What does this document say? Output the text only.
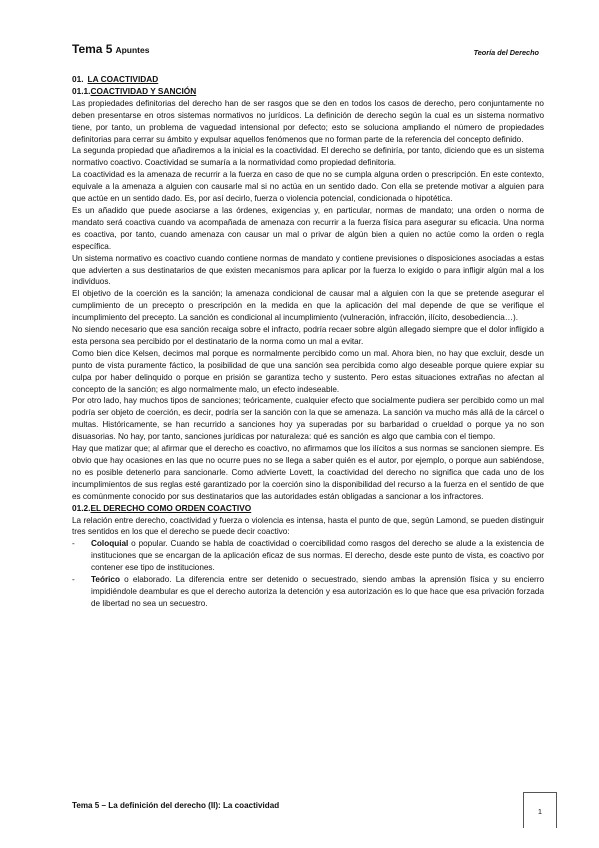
Tema 5 Apuntes	Teoría del Derecho
01. LA COACTIVIDAD
01.1.COACTIVIDAD Y SANCIÓN

Las propiedades definitorias del derecho han de ser rasgos que se den en todos los casos de derecho, pero conjuntamente no deben presentarse en otros sistemas normativos no jurídicos. La definición de derecho según la cual es un sistema normativo tiene, por tanto, un problema de vaguedad intensional por defecto; esto se soluciona ampliando el número de propiedades definitorias para cerrar su ámbito y expulsar aquellos fenómenos que no forman parte de la referencia del concepto definido.

La segunda propiedad que añadiremos a la inicial es la coactividad. El derecho se definiría, por tanto, diciendo que es un sistema normativo coactivo. Coactividad se sumaría a la normatividad como propiedad definitoria.

La coactividad es la amenaza de recurrir a la fuerza en caso de que no se cumpla alguna orden o prescripción. En este contexto, equivale a la amenaza a alguien con causarle mal si no actúa en un sentido dado. Con ella se pretende motivar a alguien para que actúe en un sentido dado. Es, por así decirlo, fuerza o violencia potencial, condicionada o hipotética.

Es un añadido que puede asociarse a las órdenes, exigencias y, en particular, normas de mandato; una orden o norma de mandato será coactiva cuando va acompañada de amenaza con recurrir a la fuerza física para asegurar su eficacia. Una norma es coactiva, por tanto, cuando amenaza con causar un mal o privar de algún bien a quien no actúe como la orden o regla específica.

Un sistema normativo es coactivo cuando contiene normas de mandato y contiene previsiones o disposiciones asociadas a estas que advierten a sus destinatarios de que existen mecanismos para aplicar por la fuerza lo exigido o para infligir algún mal a los individuos.

El objetivo de la coerción es la sanción; la amenaza condicional de causar mal a alguien con la que se pretende asegurar el cumplimiento de un precepto o prescripción en la medida en que la aplicación del mal depende de que se verifique el incumplimiento del precepto. La sanción es condicional al incumplimiento (vulneración, infracción, ilícito, desobediencia…).

No siendo necesario que esa sanción recaiga sobre el infracto, podría recaer sobre algún allegado siempre que el dolor infligido a esta persona sea percibido por el destinatario de la norma como un mal a evitar.

Como bien dice Kelsen, decimos mal porque es normalmente percibido como un mal. Ahora bien, no hay que excluir, desde un punto de vista puramente fáctico, la posibilidad de que una sanción sea percibida como algo deseable porque quiere expiar su culpa por haber delinquido o porque en prisión se garantiza techo y sustento. Pero estas situaciones extrañas no afectan al concepto de la sanción; es algo normalmente malo, un efecto indeseable.

Por otro lado, hay muchos tipos de sanciones; teóricamente, cualquier efecto que socialmente pudiera ser percibido como un mal podría ser objeto de coerción, es decir, podría ser la sanción con la que se amenaza. La sanción va mucho más allá de la cárcel o multas. Históricamente, se han recurrido a sanciones hoy ya superadas por su barbaridad o crueldad o porque ya no son disuasorias. No hay, por tanto, sanciones jurídicas por naturaleza: qué es sanción es algo que cambia con el tiempo.

Hay que matizar que; al afirmar que el derecho es coactivo, no afirmamos que los ilícitos a sus normas se sancionen siempre. Es obvio que hay ocasiones en las que no ocurre pues no se llega a saber quién es el autor, por ejemplo, o porque aun sabiéndose, no es posible detenerlo para sancionarle. Como advierte Lovett, la coactividad del derecho no significa que cada uno de los incumplimientos de sus reglas esté garantizado por la coerción sino la disponibilidad del recurso a la fuerza en el sentido de que es comúnmente conocido por sus destinatarios que las autoridades están obligadas a sancionar a los infractores.

01.2.EL DERECHO COMO ORDEN COACTIVO

La relación entre derecho, coactividad y fuerza o violencia es intensa, hasta el punto de que, según Lamond, se pueden distinguir tres sentidos en los que el derecho se puede decir coactivo:

- Coloquial o popular. Cuando se habla de coactividad o coercibilidad como rasgos del derecho se alude a la existencia de instituciones que se encargan de la aplicación eficaz de sus normas. El derecho, desde este punto de vista, es coactivo por contener ese tipo de instituciones.
- Teórico o elaborado. La diferencia entre ser detenido o secuestrado, siendo ambas la aprensión física y su encierro impidiéndole deambular es que el derecho autoriza la detención y esa autorización es lo que hace que esa privación forzada de libertad no sea un secuestro.
Tema 5 – La definición del derecho (II): La coactividad
1
